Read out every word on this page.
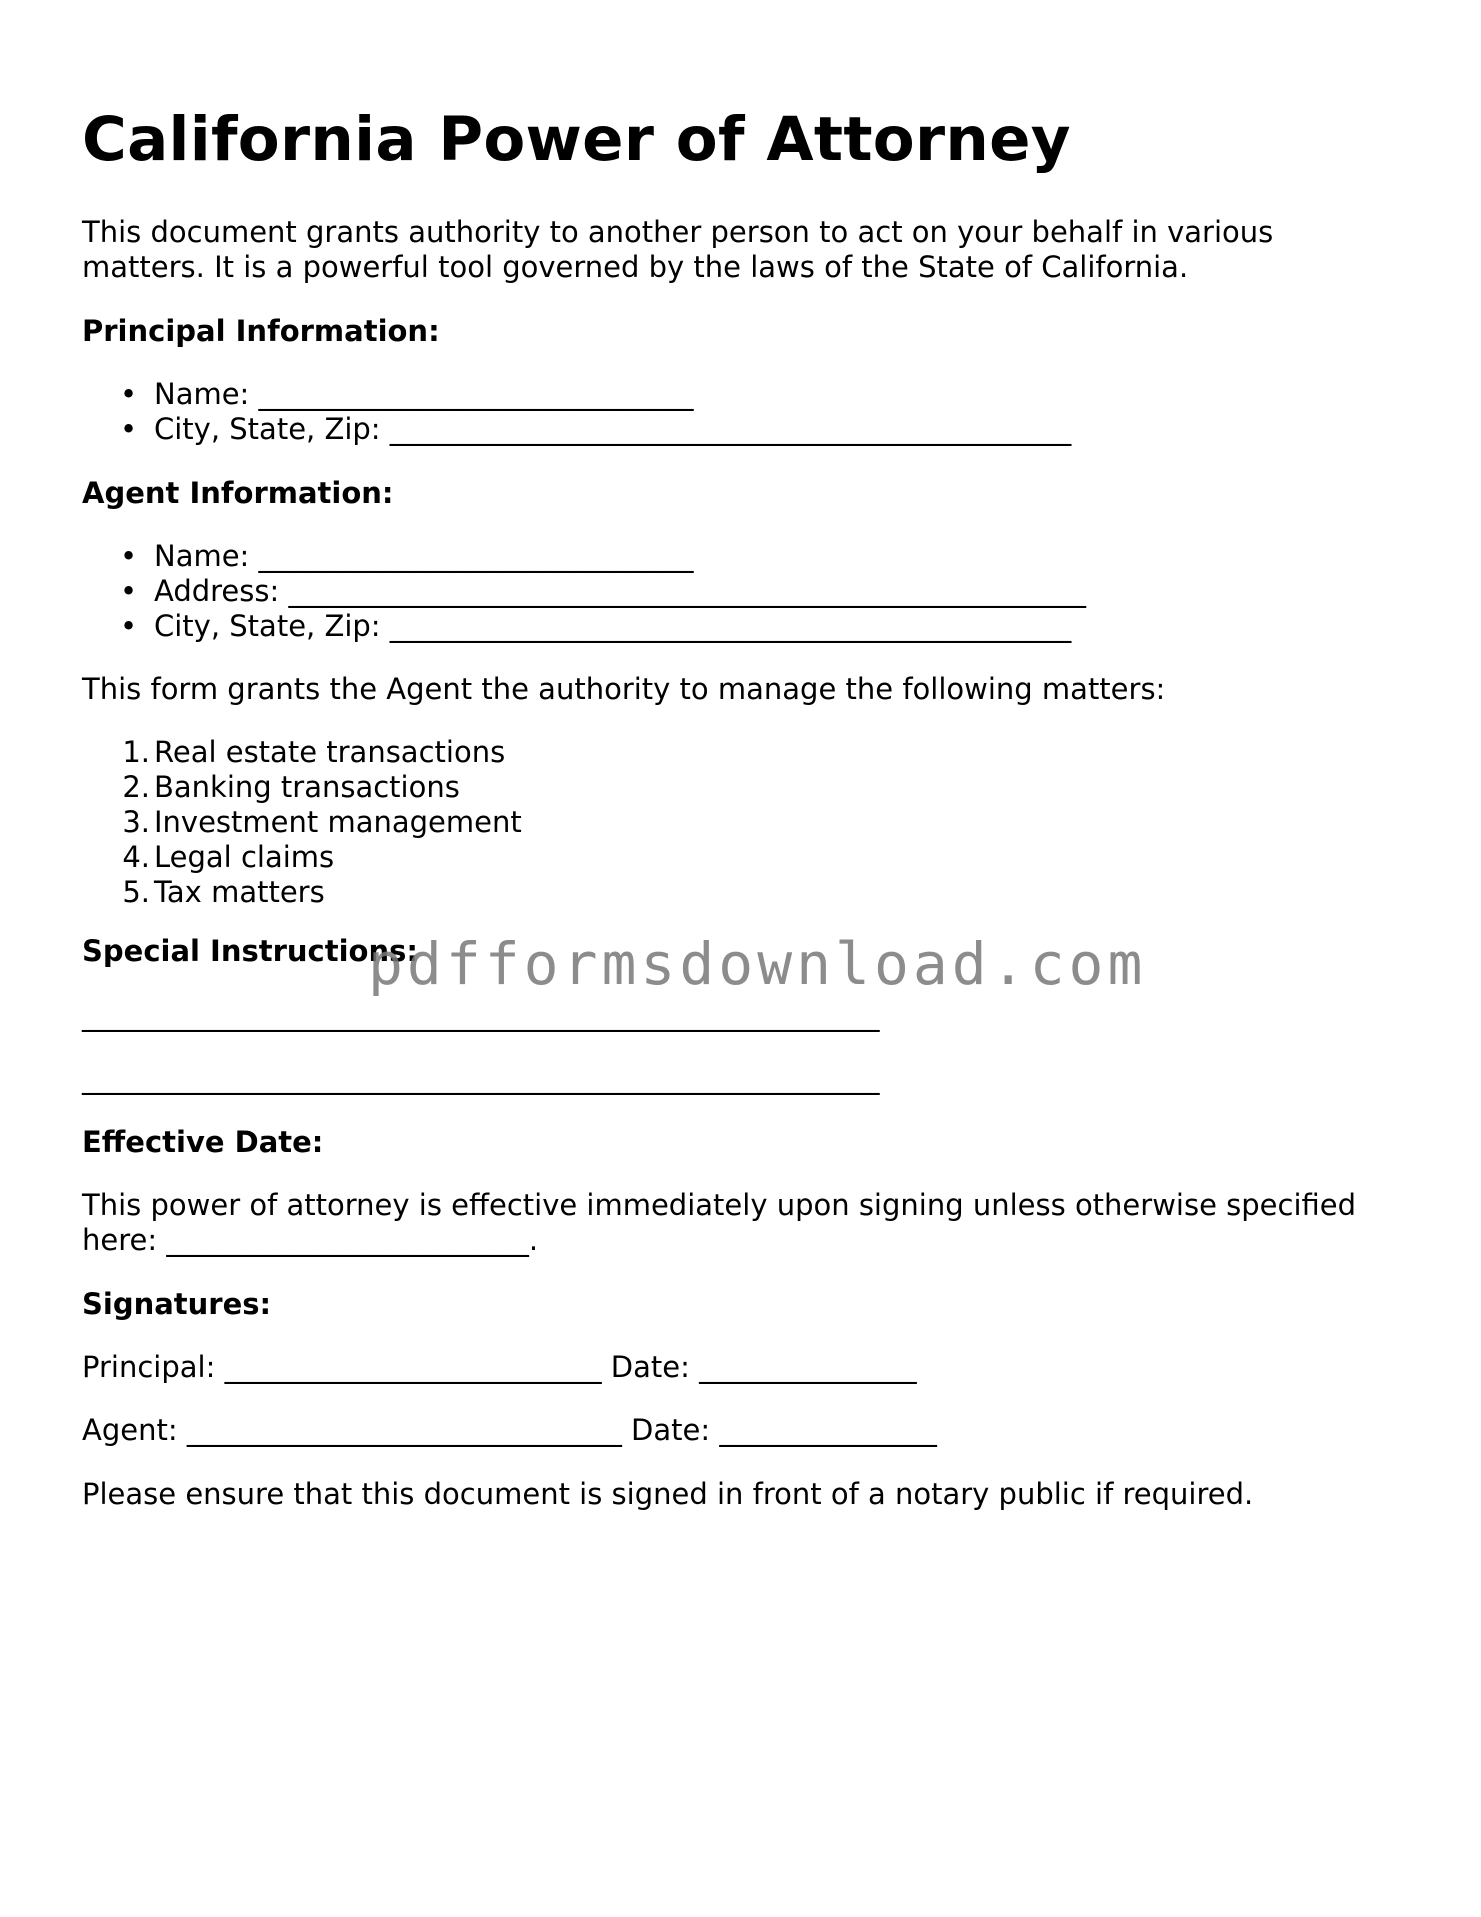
California Power of Attorney
This document grants authority to another person to act on your behalf in various
matters. It is a powerful tool governed by the laws of the State of California.
Principal Information:
• Name: ______________________________
• City, State, Zip: _______________________________________________
Agent Information:
• Name: ______________________________
• Address: _______________________________________________________
• City, State, Zip: _______________________________________________
This form grants the Agent the authority to manage the following matters:
1. Real estate transactions
2. Banking transactions
3. Investment management
4. Legal claims
5. Tax matters
Special Instructions:
_______________________________________________________
_______________________________________________________
Effective Date:
This power of attorney is effective immediately upon signing unless otherwise specified
here: _________________________.
Signatures:
Principal: __________________________ Date: _______________
Agent: ______________________________ Date: _______________
Please ensure that this document is signed in front of a notary public if required.
pdfformsdownload.com
